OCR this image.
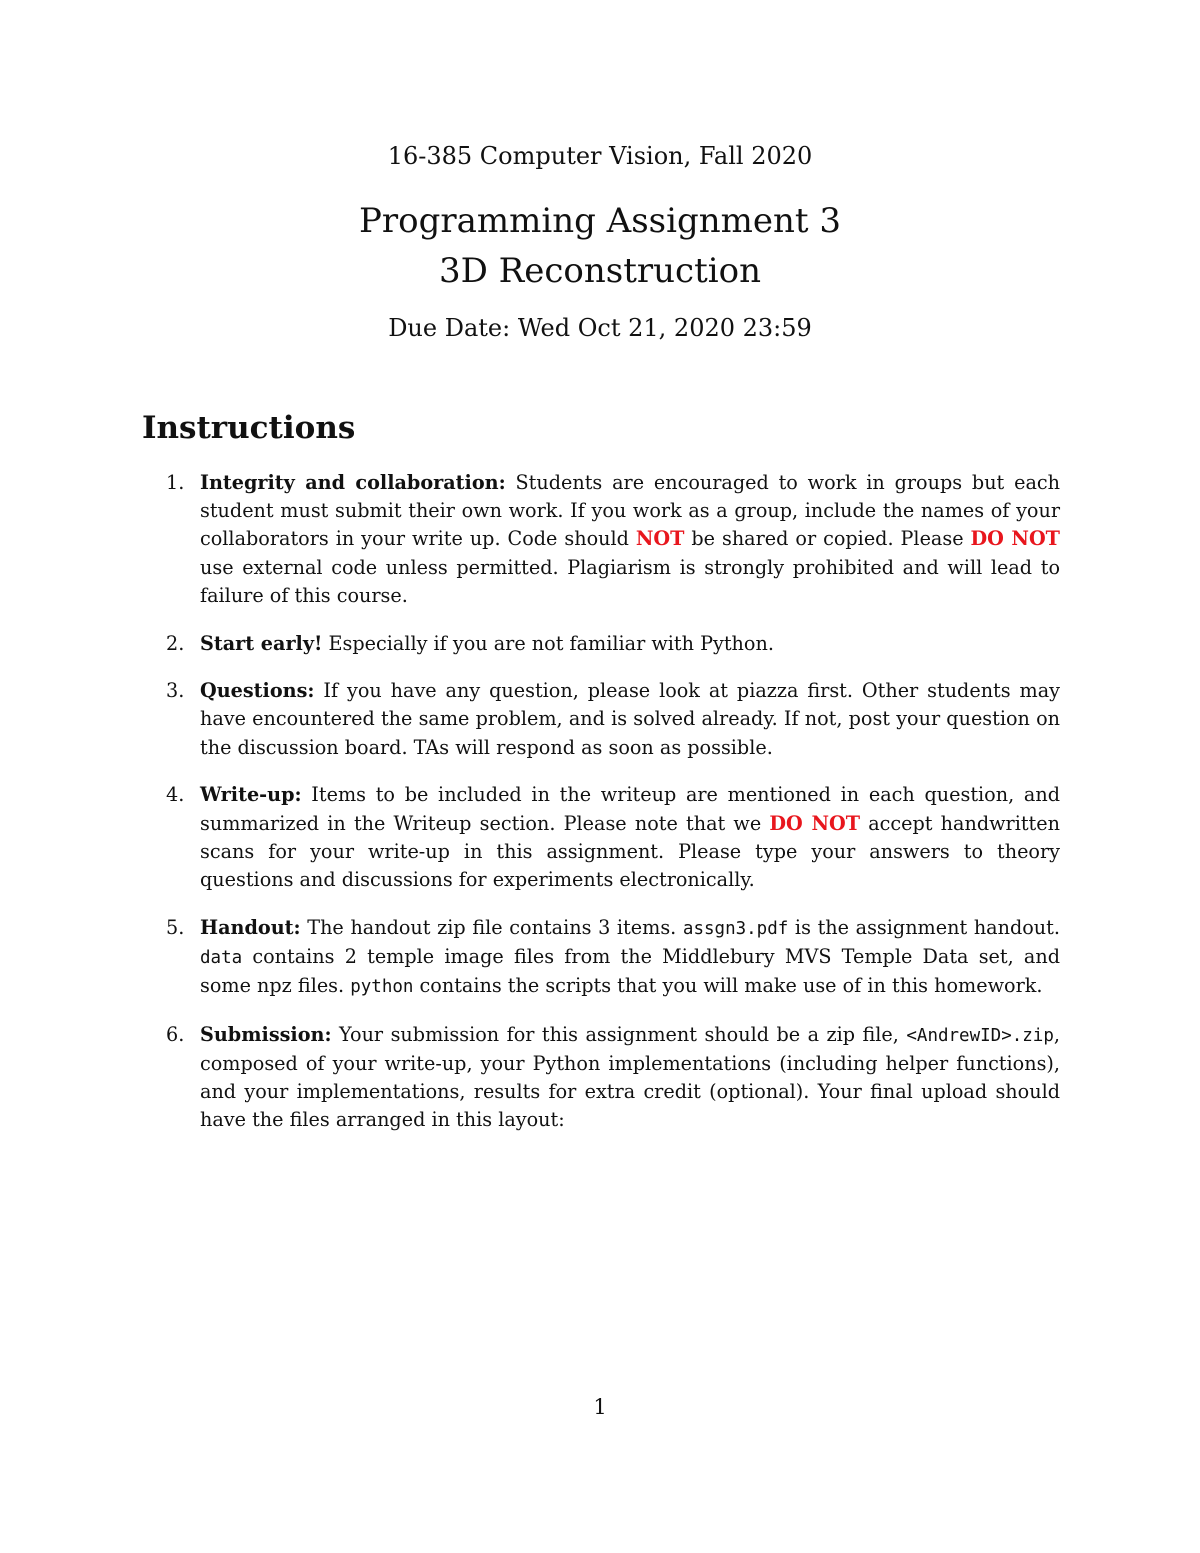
16-385 Computer Vision, Fall 2020
Programming Assignment 3
3D Reconstruction
Due Date: Wed Oct 21, 2020 23:59
Instructions
1. Integrity and collaboration: Students are encouraged to work in groups but each student must submit their own work. If you work as a group, include the names of your collaborators in your write up. Code should NOT be shared or copied. Please DO NOT use external code unless permitted. Plagiarism is strongly prohibited and will lead to failure of this course.
2. Start early! Especially if you are not familiar with Python.
3. Questions: If you have any question, please look at piazza first. Other students may have encountered the same problem, and is solved already. If not, post your question on the discussion board. TAs will respond as soon as possible.
4. Write-up: Items to be included in the writeup are mentioned in each question, and summarized in the Writeup section. Please note that we DO NOT accept handwritten scans for your write-up in this assignment. Please type your answers to theory questions and discussions for experiments electronically.
5. Handout: The handout zip file contains 3 items. assgn3.pdf is the assignment handout. data contains 2 temple image files from the Middlebury MVS Temple Data set, and some npz files. python contains the scripts that you will make use of in this homework.
6. Submission: Your submission for this assignment should be a zip file, <AndrewID>.zip, composed of your write-up, your Python implementations (including helper functions), and your implementations, results for extra credit (optional). Your final upload should have the files arranged in this layout:
1
